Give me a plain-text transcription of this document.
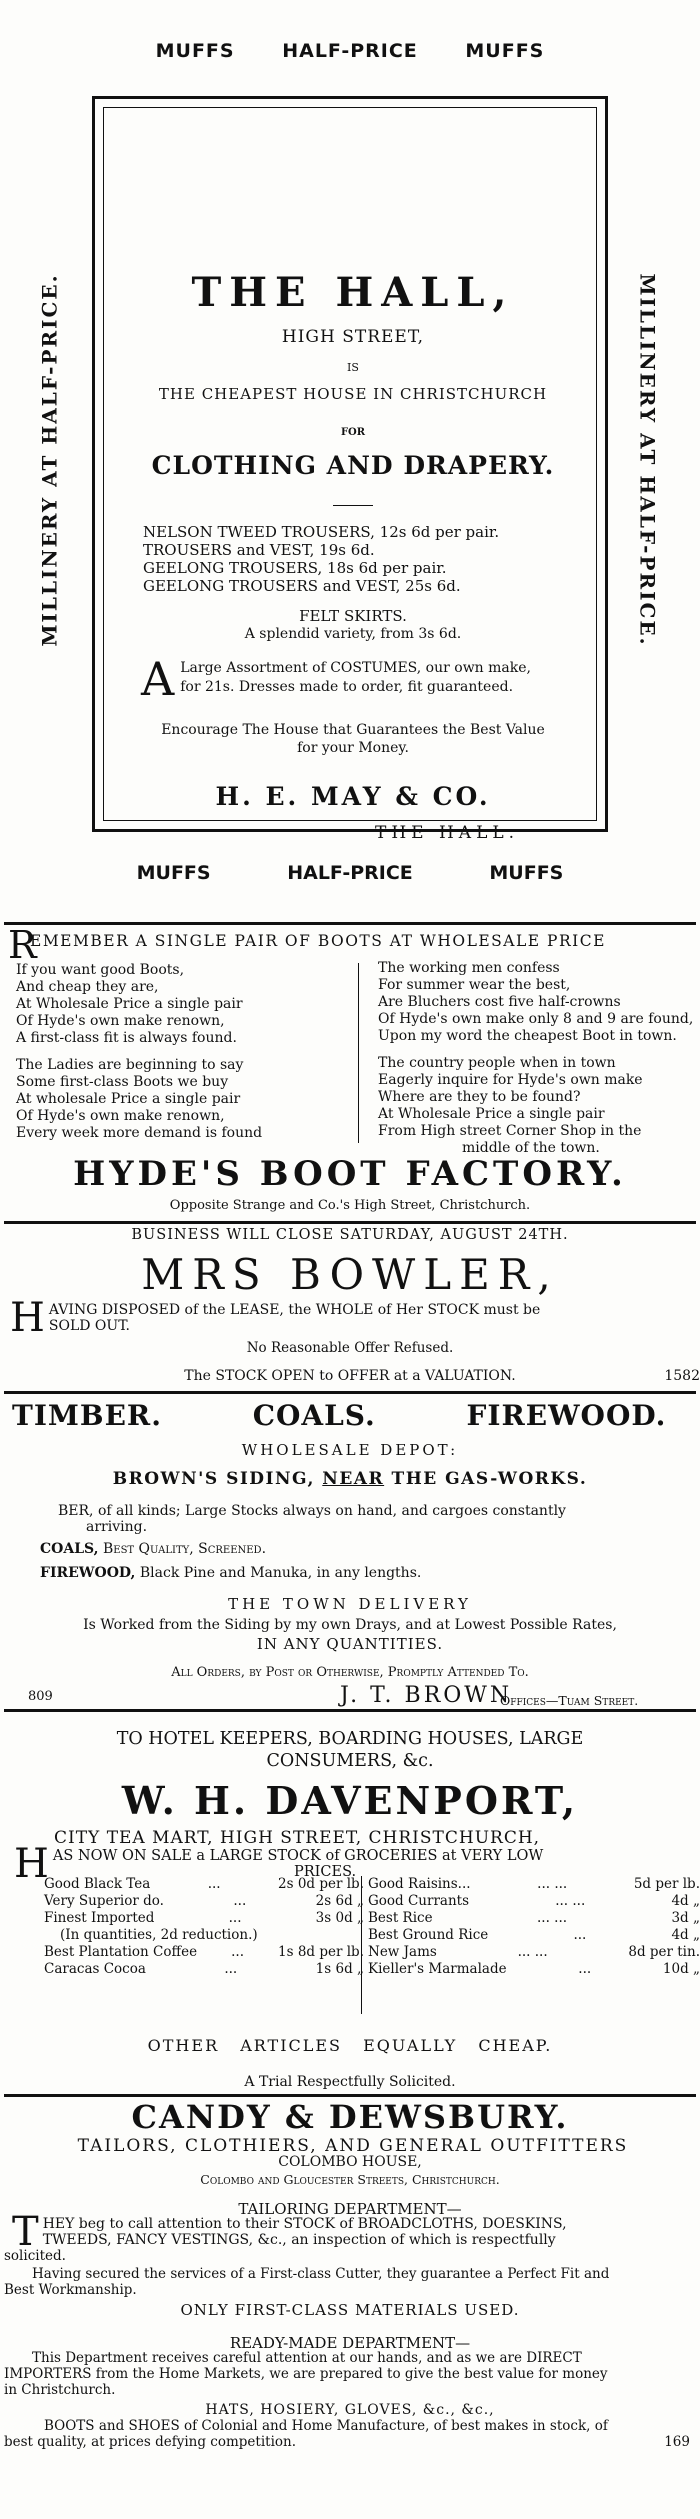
MUFFS	HALF-PRICE	MUFFS
MILLINERY AT HALF-PRICE.	MILLINERY AT HALF-PRICE.
THE HALL,
HIGH STREET,
IS
THE CHEAPEST HOUSE IN CHRISTCHURCH
FOR
CLOTHING AND DRAPERY.
NELSON TWEED TROUSERS, 12s 6d per pair.
TROUSERS and VEST, 19s 6d.
GEELONG TROUSERS, 18s 6d per pair.
GEELONG TROUSERS and VEST, 25s 6d.
FELT SKIRTS.
A splendid variety, from 3s 6d.
A Large Assortment of COSTUMES, our own make,
for 21s. Dresses made to order, fit guaranteed.
Encourage The House that Guarantees the Best Value
for your Money.
H. E. MAY & CO.
THE HALL.
MUFFS	HALF-PRICE	MUFFS
R
EMEMBER A SINGLE PAIR OF BOOTS AT WHOLESALE PRICE
If you want good Boots,
And cheap they are,
At Wholesale Price a single pair
Of Hyde's own make renown,
A first-class fit is always found.
The Ladies are beginning to say
Some first-class Boots we buy
At wholesale Price a single pair
Of Hyde's own make renown,
Every week more demand is found
The working men confess
For summer wear the best,
Are Bluchers cost five half-crowns
Of Hyde's own make only 8 and 9 are found,
Upon my word the cheapest Boot in town.
The country people when in town
Eagerly inquire for Hyde's own make
Where are they to be found?
At Wholesale Price a single pair
From High street Corner Shop in the
middle of the town.
HYDE'S BOOT FACTORY.
Opposite Strange and Co.'s High Street, Christchurch.
BUSINESS WILL CLOSE SATURDAY, AUGUST 24TH.
MRS BOWLER,
H AVING DISPOSED of the LEASE, the WHOLE of Her STOCK must be
SOLD OUT.
No Reasonable Offer Refused.
The STOCK OPEN to OFFER at a VALUATION.	1582
TIMBER.	COALS.	FIREWOOD.
WHOLESALE DEPOT:
BROWN'S SIDING, NEAR THE GAS-WORKS.
BER, of all kinds; Large Stocks always on hand, and cargoes constantly
arriving.
COALS, Best Quality, Screened.
FIREWOOD, Black Pine and Manuka, in any lengths.
THE TOWN DELIVERY
Is Worked from the Siding by my own Drays, and at Lowest Possible Rates,
IN ANY QUANTITIES.
All Orders, by Post or Otherwise, Promptly Attended To.
809	J. T. BROWN
Offices—Tuam Street.
TO HOTEL KEEPERS, BOARDING HOUSES, LARGE
CONSUMERS, &c.
W. H. DAVENPORT,
CITY TEA MART, HIGH STREET, CHRISTCHURCH,
H AS NOW ON SALE a LARGE STOCK of GROCERIES at VERY LOW
PRICES.
Good Black Tea	...	2s 0d per lb.
Very Superior do.	...	2s 6d „
Finest Imported	...	3s 0d „
(In quantities, 2d reduction.)
Best Plantation Coffee	...	1s 8d per lb.
Caracas Cocoa	...	1s 6d „
Good Raisins...	... ...	5d per lb.
Good Currants	... ...	4d „
Best Rice	... ...	3d „
Best Ground Rice	...	4d „
New Jams	... ...	8d per tin.
Kieller's Marmalade	...	10d „
OTHER ARTICLES EQUALLY CHEAP.
A Trial Respectfully Solicited.
CANDY & DEWSBURY.
TAILORS, CLOTHIERS, AND GENERAL OUTFITTERS
COLOMBO HOUSE,
Colombo and Gloucester Streets, Christchurch.
TAILORING DEPARTMENT—
T HEY beg to call attention to their STOCK of BROADCLOTHS, DOESKINS,
TWEEDS, FANCY VESTINGS, &c., an inspection of which is respectfully
solicited.
Having secured the services of a First-class Cutter, they guarantee a Perfect Fit and
Best Workmanship.
ONLY FIRST-CLASS MATERIALS USED.
READY-MADE DEPARTMENT—
This Department receives careful attention at our hands, and as we are DIRECT
IMPORTERS from the Home Markets, we are prepared to give the best value for money
in Christchurch.
HATS, HOSIERY, GLOVES, &c., &c.,
BOOTS and SHOES of Colonial and Home Manufacture, of best makes in stock, of
best quality, at prices defying competition.	169
